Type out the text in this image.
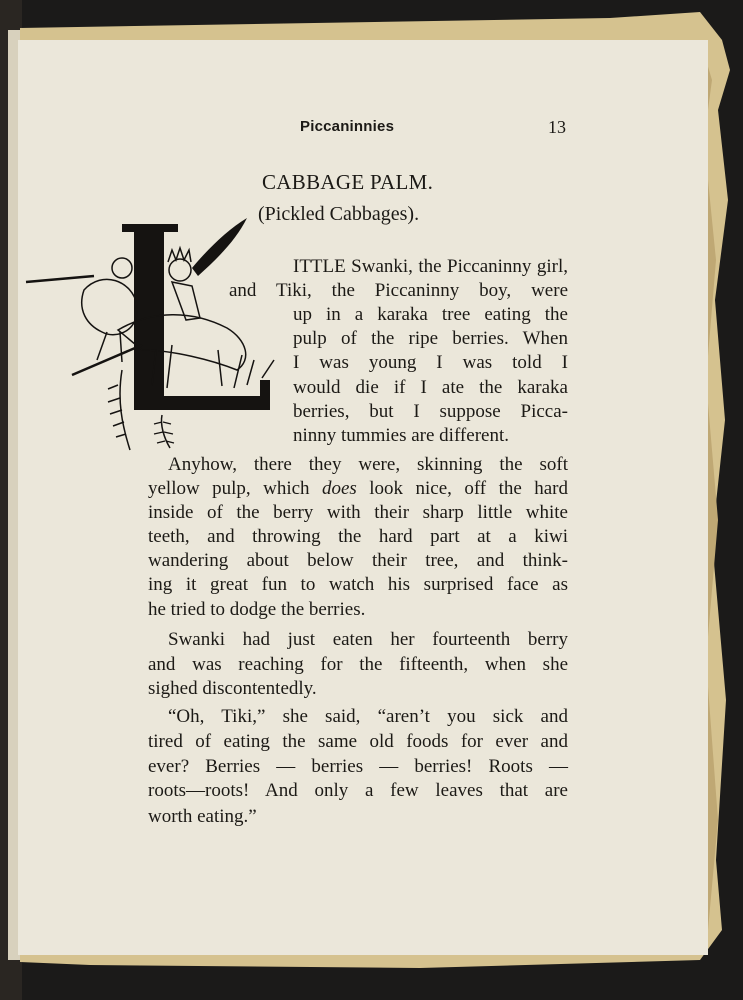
Piccaninnies	13
CABBAGE PALM.
(Pickled Cabbages).
ITTLE Swanki, the Piccaninny girl,
and Tiki, the Piccaninny boy, were
up in a karaka tree eating the
pulp of the ripe berries. When
I was young I was told I
would die if I ate the karaka
berries, but I suppose Picca-
ninny tummies are different.
Anyhow, there they were, skinning the soft
yellow pulp, which does look nice, off the hard
inside of the berry with their sharp little white
teeth, and throwing the hard part at a kiwi
wandering about below their tree, and think-
ing it great fun to watch his surprised face as
he tried to dodge the berries.
Swanki had just eaten her fourteenth berry
and was reaching for the fifteenth, when she
sighed discontentedly.
“Oh, Tiki,” she said, “aren’t you sick and
tired of eating the same old foods for ever and
ever? Berries — berries — berries! Roots —
roots—roots! And only a few leaves that are
worth eating.”
